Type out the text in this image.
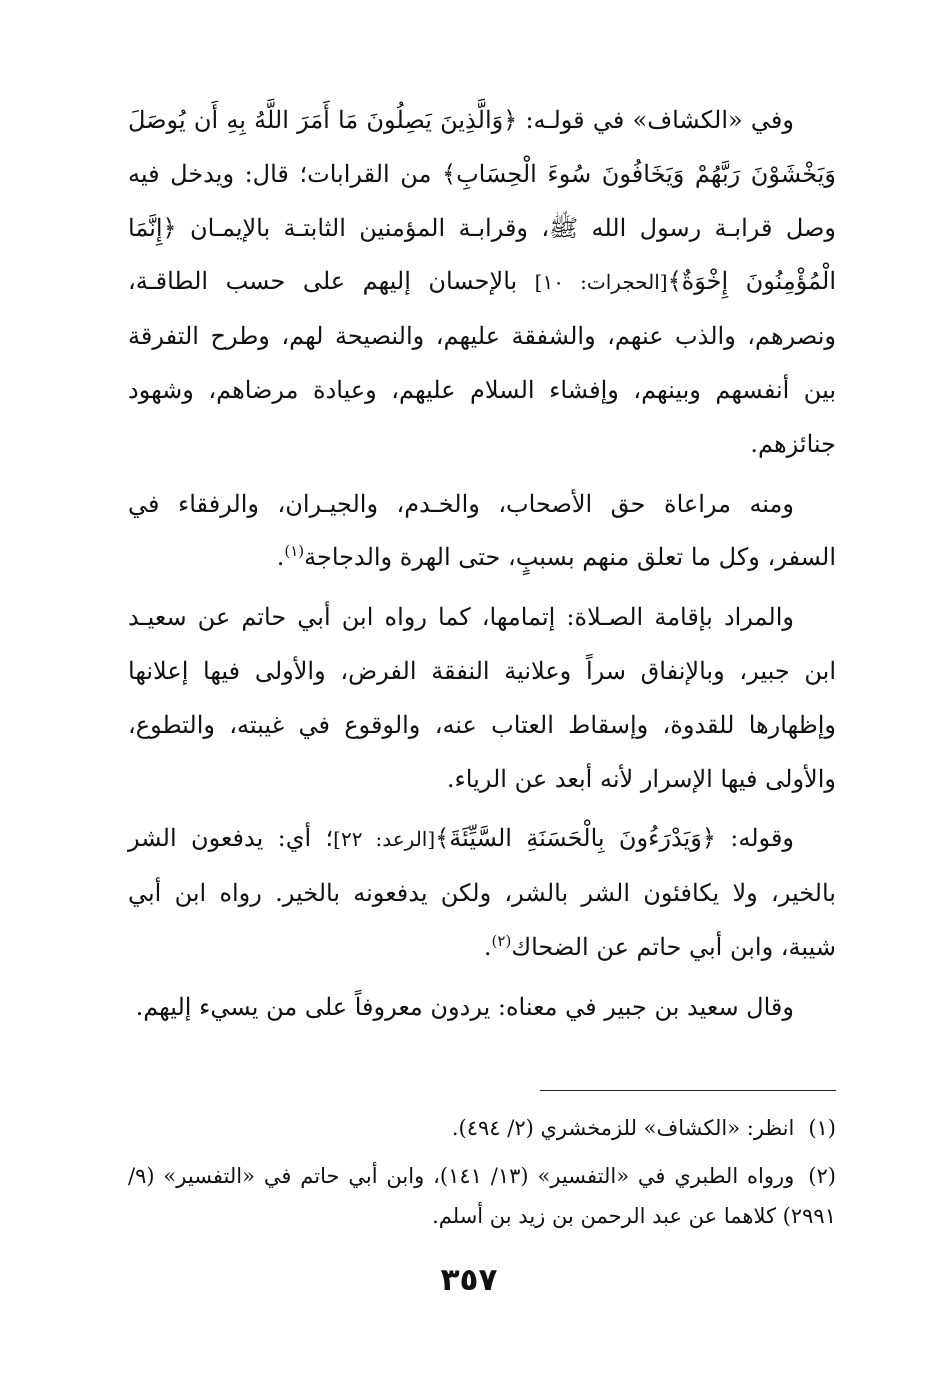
وفي «الكشاف» في قولـه: ﴿وَالَّذِينَ يَصِلُونَ مَا أَمَرَ اللَّهُ بِهِ أَن يُوصَلَ وَيَخْشَوْنَ رَبَّهُمْ وَيَخَافُونَ سُوءَ الْحِسَابِ﴾ من القرابات؛ قال: ويدخل فيه وصل قرابـة رسول الله ﷺ، وقرابـة المؤمنين الثابتـة بالإيمـان ﴿إِنَّمَا الْمُؤْمِنُونَ إِخْوَةٌ﴾[الحجرات: ١٠] بالإحسان إليهم على حسب الطاقـة، ونصرهم، والذب عنهم، والشفقة عليهم، والنصيحة لهم، وطرح التفرقة بين أنفسهم وبينهم، وإفشاء السلام عليهم، وعيادة مرضاهم، وشهود جنائزهم.

ومنه مراعاة حق الأصحاب، والخـدم، والجيـران، والرفقاء في السفر، وكل ما تعلق منهم بسببٍ، حتى الهرة والدجاجة$^{(١)}$.

والمراد بإقامة الصـلاة: إتمامها، كما رواه ابن أبي حاتم عن سعيـد ابن جبير، وبالإنفاق سراً وعلانية النفقة الفرض، والأولى فيها إعلانها وإظهارها للقدوة، وإسقاط العتاب عنه، والوقوع في غيبته، والتطوع، والأولى فيها الإسرار لأنه أبعد عن الرياء.

وقوله: ﴿وَيَدْرَءُونَ بِالْحَسَنَةِ السَّيِّئَةَ﴾[الرعد: ٢٢]؛ أي: يدفعون الشر بالخير، ولا يكافئون الشر بالشر، ولكن يدفعونه بالخير. رواه ابن أبي شيبة، وابن أبي حاتم عن الضحاك$^{(٢)}$.

وقال سعيد بن جبير في معناه: يردون معروفاً على من يسيء إليهم.

(١)انظر: «الكشاف» للزمخشري (٢/ ٤٩٤).

(٢)ورواه الطبري في «التفسير» (١٣/ ١٤١)، وابن أبي حاتم في «التفسير» (٩/ ٢٩٩١) كلاهما عن عبد الرحمن بن زيد بن أسلم.

٣٥٧
